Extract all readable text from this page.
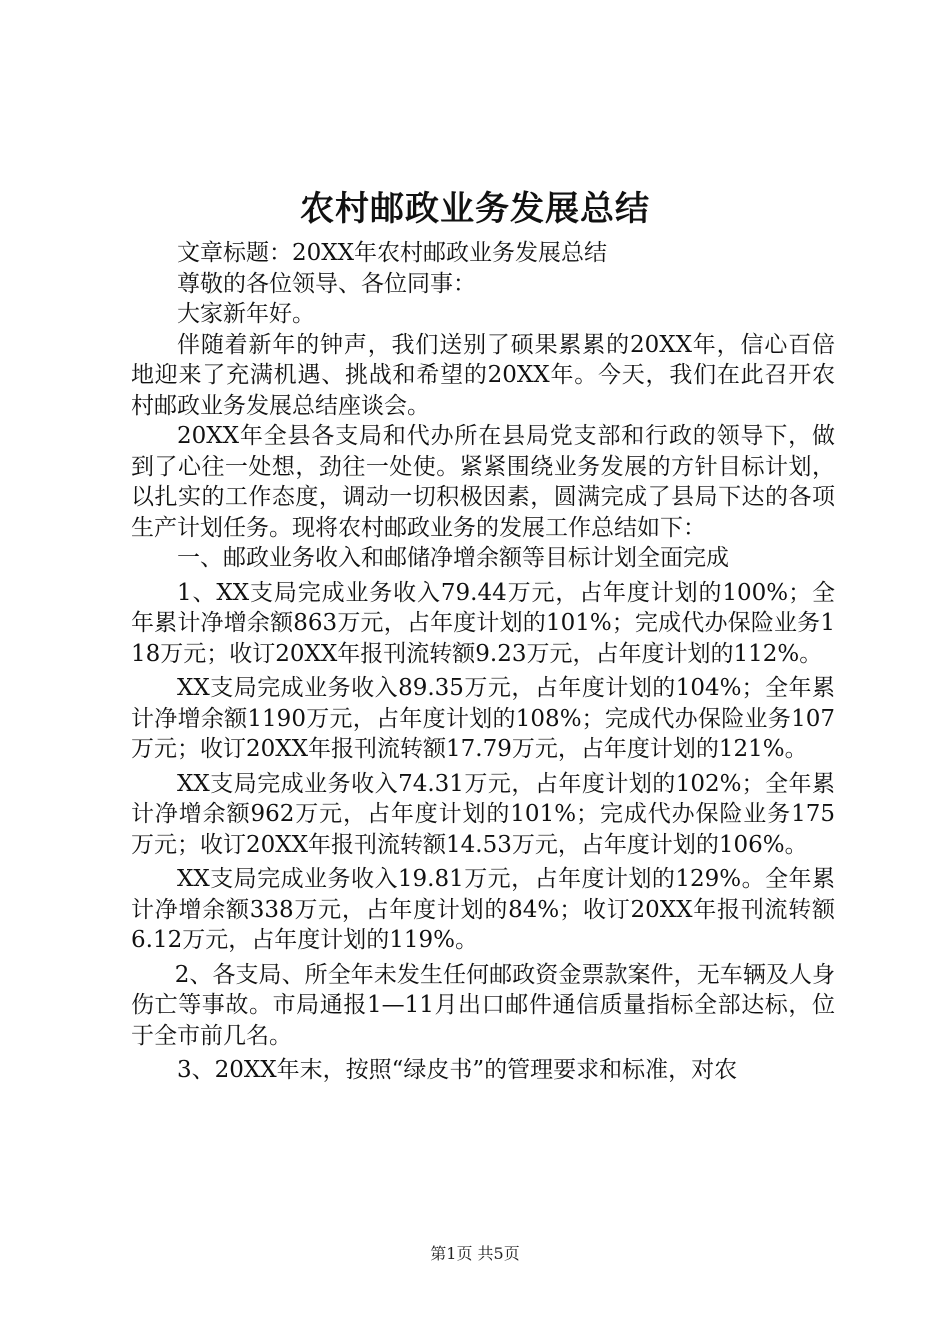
农村邮政业务发展总结

文章标题：20XX年农村邮政业务发展总结

尊敬的各位领导、各位同事：

大家新年好。

伴随着新年的钟声，我们送别了硕果累累的20XX年，信心百倍地迎来了充满机遇、挑战和希望的20XX年。今天，我们在此召开农村邮政业务发展总结座谈会。

20XX年全县各支局和代办所在县局党支部和行政的领导下，做到了心往一处想，劲往一处使。紧紧围绕业务发展的方针目标计划，以扎实的工作态度，调动一切积极因素，圆满完成了县局下达的各项生产计划任务。现将农村邮政业务的发展工作总结如下：

一、邮政业务收入和邮储净增余额等目标计划全面完成

1、XX支局完成业务收入79.44万元，占年度计划的100%；全年累计净增余额863万元，占年度计划的101%；完成代办保险业务118万元；收订20XX年报刊流转额9.23万元，占年度计划的112%。

XX支局完成业务收入89.35万元，占年度计划的104%；全年累计净增余额1190万元，占年度计划的108%；完成代办保险业务107万元；收订20XX年报刊流转额17.79万元，占年度计划的121%。

XX支局完成业务收入74.31万元，占年度计划的102%；全年累计净增余额962万元，占年度计划的101%；完成代办保险业务175万元；收订20XX年报刊流转额14.53万元，占年度计划的106%。

XX支局完成业务收入19.81万元，占年度计划的129%。全年累计净增余额338万元，占年度计划的84%；收订20XX年报刊流转额6.12万元，占年度计划的119%。

2、各支局、所全年未发生任何邮政资金票款案件，无车辆及人身伤亡等事故。市局通报1—11月出口邮件通信质量指标全部达标，位于全市前几名。

3、20XX年末，按照“绿皮书”的管理要求和标准，对农

第1页 共5页
